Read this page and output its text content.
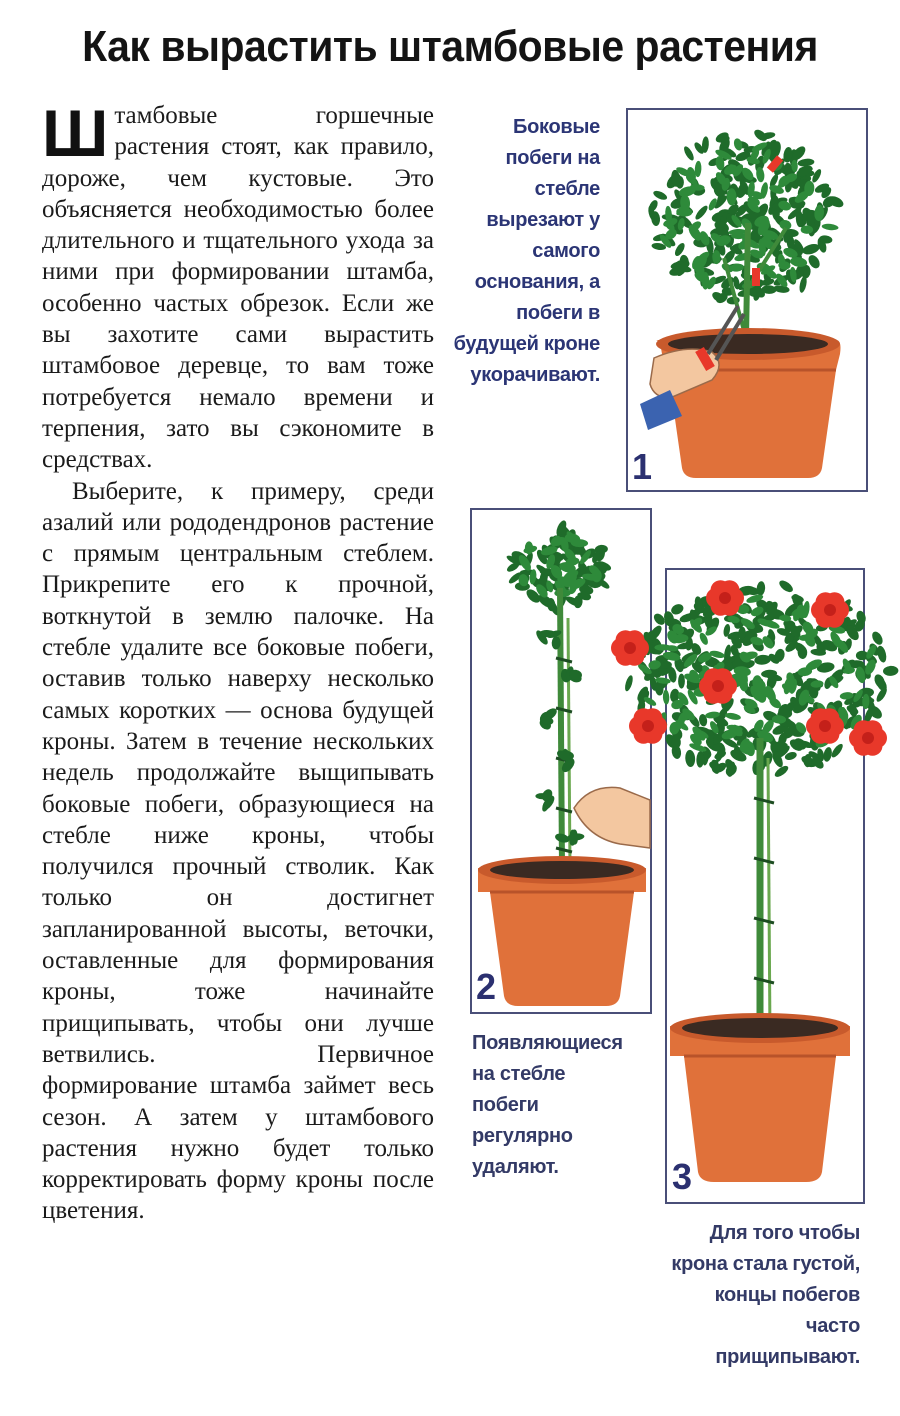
Как вырастить штамбовые растения

Штамбовые горшечные растения стоят, как правило, дороже, чем кустовые. Это объясняется необходимостью более длительного и тщательного ухода за ними при формировании штамба, особенно частых обрезок. Если же вы захотите сами вырастить штамбовое деревце, то вам тоже потребуется немало времени и терпения, зато вы сэкономите в средствах.

Выберите, к примеру, среди азалий или рододендронов растение с прямым центральным стеблем. Прикрепите его к прочной, воткнутой в землю палочке. На стебле удалите все боковые побеги, оставив только наверху несколько самых коротких — основа будущей кроны. Затем в течение нескольких недель продолжайте выщипывать боковые побеги, образующиеся на стебле ниже кроны, чтобы получился прочный стволик. Как только он достигнет запланированной высоты, веточки, оставленные для формирования кроны, тоже начинайте прищипывать, чтобы они лучше ветвились. Первичное формирование штамба займет весь сезон. А затем у штамбового растения нужно будет только корректировать форму кроны после цветения.

Боковые побеги на стебле вырезают у самого основания, а побеги в будущей кроне укорачивают.
Появляющиеся на стебле побеги регулярно удаляют.
Для того чтобы крона стала густой, концы побегов часто прищипывают.
1
2
3
